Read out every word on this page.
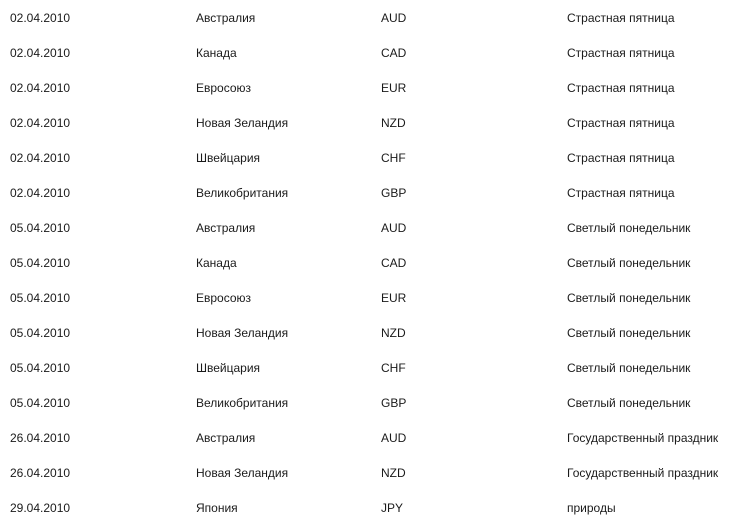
02.04.2010	Австралия	AUD	Страстная пятница
02.04.2010	Канада	CAD	Страстная пятница
02.04.2010	Евросоюз	EUR	Страстная пятница
02.04.2010	Новая Зеландия	NZD	Страстная пятница
02.04.2010	Швейцария	CHF	Страстная пятница
02.04.2010	Великобритания	GBP	Страстная пятница
05.04.2010	Австралия	AUD	Светлый понедельник
05.04.2010	Канада	CAD	Светлый понедельник
05.04.2010	Евросоюз	EUR	Светлый понедельник
05.04.2010	Новая Зеландия	NZD	Светлый понедельник
05.04.2010	Швейцария	CHF	Светлый понедельник
05.04.2010	Великобритания	GBP	Светлый понедельник
26.04.2010	Австралия	AUD	Государственный праздник
26.04.2010	Новая Зеландия	NZD	Государственный праздник
29.04.2010	Япония	JPY	природы
